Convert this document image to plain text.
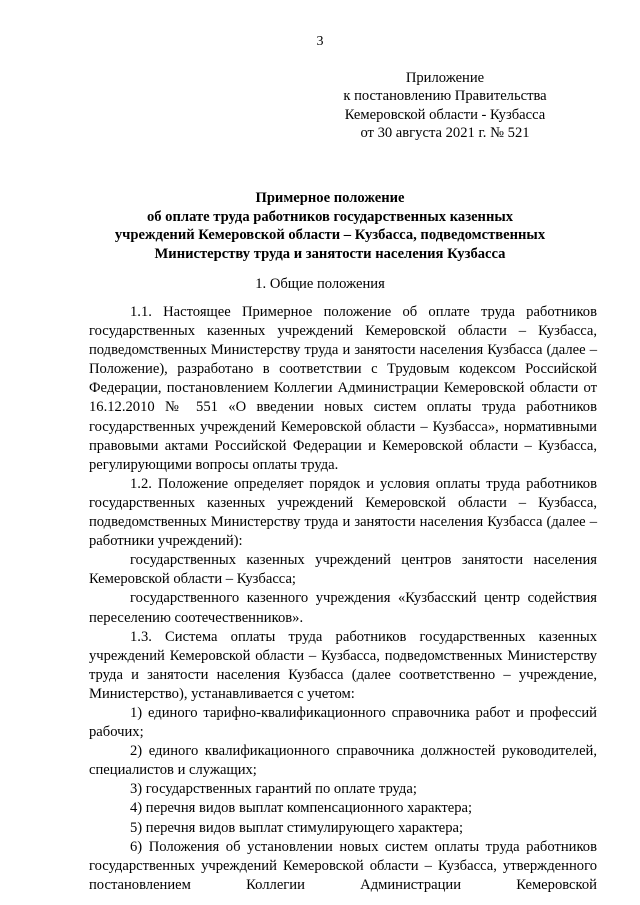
3
Приложение
к постановлению Правительства
Кемеровской области - Кузбасса
от 30 августа 2021 г. № 521
Примерное положение
об оплате труда работников государственных казенных
учреждений Кемеровской области – Кузбасса, подведомственных
Министерству труда и занятости населения Кузбасса
1. Общие положения

1.1. Настоящее Примерное положение об оплате труда работников государственных казенных учреждений Кемеровской области – Кузбасса, подведомственных Министерству труда и занятости населения Кузбасса (далее – Положение), разработано в соответствии с Трудовым кодексом Российской Федерации, постановлением Коллегии Администрации Кемеровской области от 16.12.2010 № 551 «О введении новых систем оплаты труда работников государственных учреждений Кемеровской области – Кузбасса», нормативными правовыми актами Российской Федерации и Кемеровской области – Кузбасса, регулирующими вопросы оплаты труда.

1.2. Положение определяет порядок и условия оплаты труда работников государственных казенных учреждений Кемеровской области – Кузбасса, подведомственных Министерству труда и занятости населения Кузбасса (далее – работники учреждений):

государственных казенных учреждений центров занятости населения Кемеровской области – Кузбасса;

государственного казенного учреждения «Кузбасский центр содействия переселению соотечественников».

1.3. Система оплаты труда работников государственных казенных учреждений Кемеровской области – Кузбасса, подведомственных Министерству труда и занятости населения Кузбасса (далее соответственно – учреждение, Министерство), устанавливается с учетом:

1) единого тарифно-квалификационного справочника работ и профессий рабочих;

2) единого квалификационного справочника должностей руководителей, специалистов и служащих;

3) государственных гарантий по оплате труда;

4) перечня видов выплат компенсационного характера;

5) перечня видов выплат стимулирующего характера;

6) Положения об установлении новых систем оплаты труда работников государственных учреждений Кемеровской области – Кузбасса, утвержденного постановлением Коллегии Администрации Кемеровской
